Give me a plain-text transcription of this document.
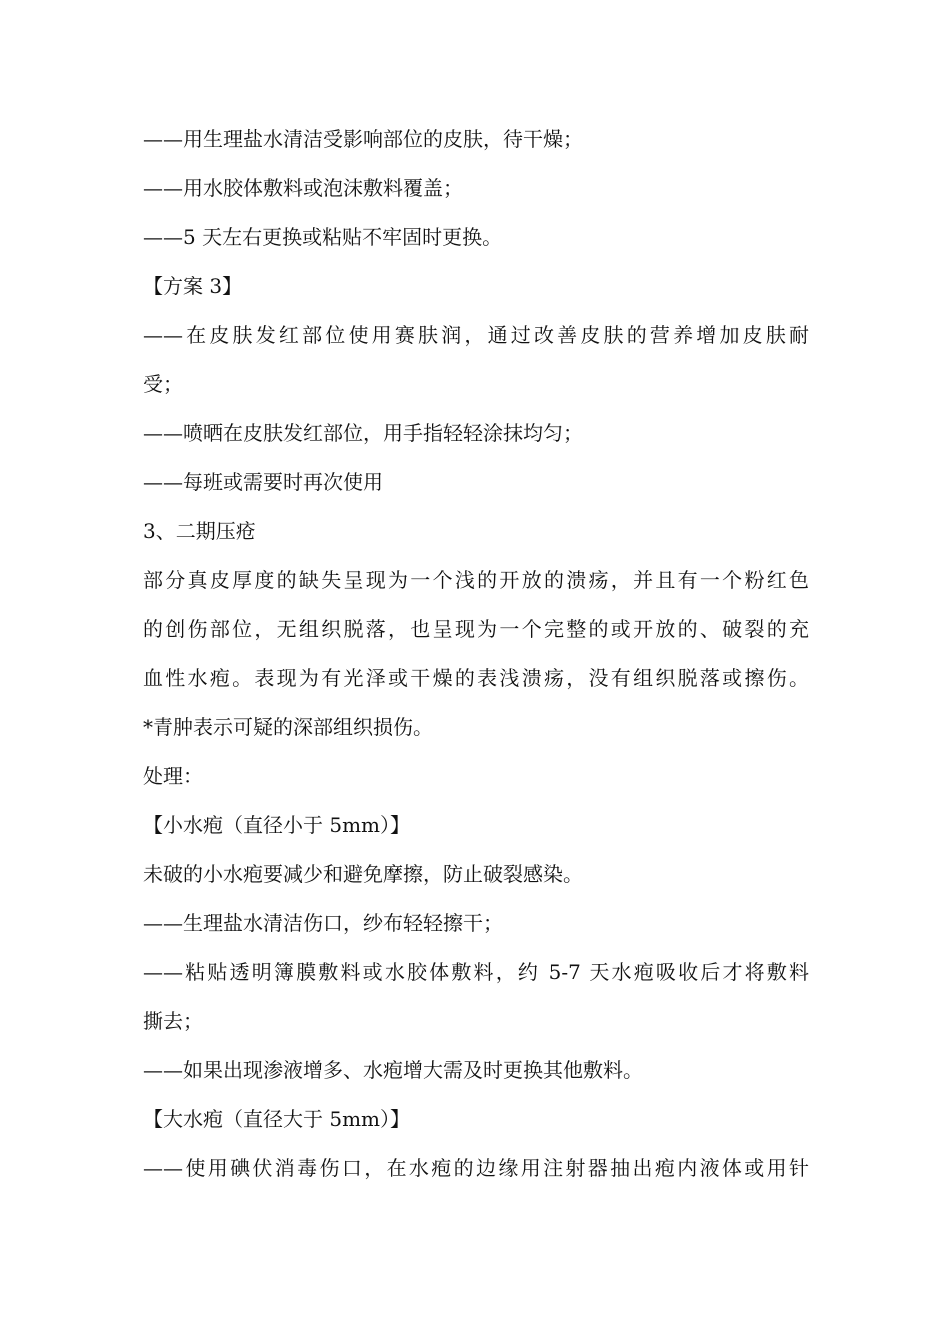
——用生理盐水清洁受影响部位的皮肤，待干燥；
——用水胶体敷料或泡沫敷料覆盖；
——5 天左右更换或粘贴不牢固时更换。
【方案 3】
——在皮肤发红部位使用赛肤润，通过改善皮肤的营养增加皮肤耐
受；
——喷晒在皮肤发红部位，用手指轻轻涂抹均匀；
——每班或需要时再次使用
3、二期压疮
部分真皮厚度的缺失呈现为一个浅的开放的溃疡，并且有一个粉红色
的创伤部位，无组织脱落，也呈现为一个完整的或开放的、破裂的充
血性水疱。表现为有光泽或干燥的表浅溃疡，没有组织脱落或擦伤。
*青肿表示可疑的深部组织损伤。
处理：
【小水疱（直径小于 5mm）】
未破的小水疱要减少和避免摩擦，防止破裂感染。
——生理盐水清洁伤口，纱布轻轻擦干；
——粘贴透明簿膜敷料或水胶体敷料，约 5-7 天水疱吸收后才将敷料
撕去；
——如果出现渗液增多、水疱增大需及时更换其他敷料。
【大水疱（直径大于 5mm）】
——使用碘伏消毒伤口，在水疱的边缘用注射器抽出疱内液体或用针
